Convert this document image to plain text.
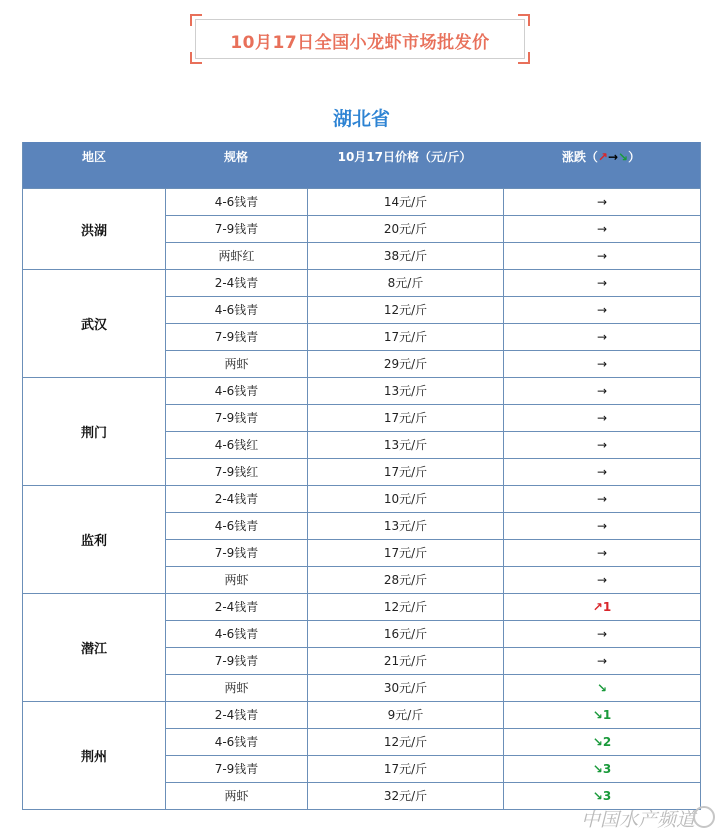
10月17日全国小龙虾市场批发价
湖北省
地区	规格	10月17日价格（元/斤）	涨跌（↗→↘）
洪湖
4-6钱青	14元/斤	→
7-9钱青	20元/斤	→
两虾红	38元/斤	→
武汉
2-4钱青	8元/斤	→
4-6钱青	12元/斤	→
7-9钱青	17元/斤	→
两虾	29元/斤	→
荆门
4-6钱青	13元/斤	→
7-9钱青	17元/斤	→
4-6钱红	13元/斤	→
7-9钱红	17元/斤	→
监利
2-4钱青	10元/斤	→
4-6钱青	13元/斤	→
7-9钱青	17元/斤	→
两虾	28元/斤	→
潜江
2-4钱青	12元/斤	↗1
4-6钱青	16元/斤	→
7-9钱青	21元/斤	→
两虾	30元/斤	↘
荆州
2-4钱青	9元/斤	↘1
4-6钱青	12元/斤	↘2
7-9钱青	17元/斤	↘3
两虾	32元/斤	↘3
中国水产频道
